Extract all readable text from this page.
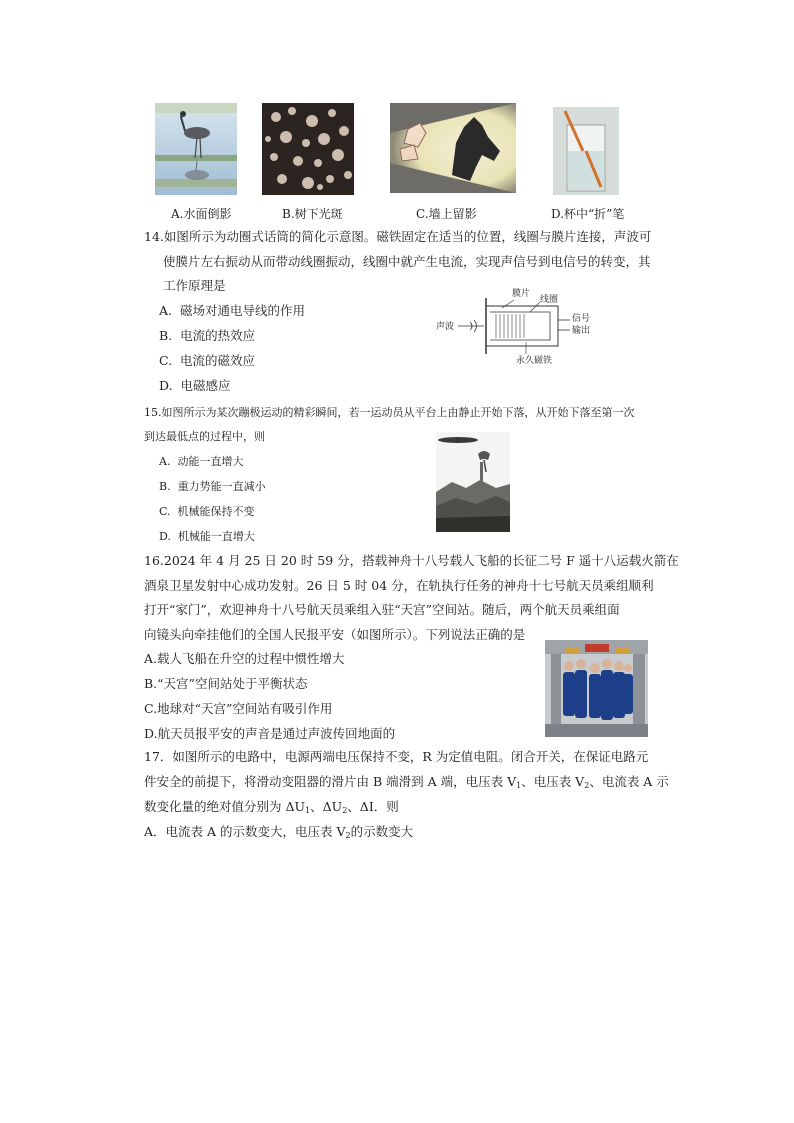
A.水面倒影	B.树下光斑	C.墙上留影	D.杯中“折”笔
14.如图所示为动圈式话筒的简化示意图。磁铁固定在适当的位置，线圈与膜片连接，声波可
使膜片左右振动从而带动线圈振动，线圈中就产生电流，实现声信号到电信号的转变，其
工作原理是
A. 磁场对通电导线的作用
B. 电流的热效应
C. 电流的磁效应
D. 电磁感应
膜片
线圈
声波
信号
输出
永久磁铁
15.如图所示为某次蹦极运动的精彩瞬间，若一运动员从平台上由静止开始下落，从开始下落至第一次
到达最低点的过程中，则
A. 动能一直增大
B. 重力势能一直减小
C. 机械能保持不变
D. 机械能一直增大
16.2024 年 4 月 25 日 20 时 59 分，搭载神舟十八号载人飞船的长征二号 F 遥十八运载火箭在
酒泉卫星发射中心成功发射。26 日 5 时 04 分，在轨执行任务的神舟十七号航天员乘组顺利
打开“家门”，欢迎神舟十八号航天员乘组入驻“天宫”空间站。随后，两个航天员乘组面
向镜头向牵挂他们的全国人民报平安（如图所示）。下列说法正确的是
A.载人飞船在升空的过程中惯性增大
B.“天宫”空间站处于平衡状态
C.地球对“天宫”空间站有吸引作用
D.航天员报平安的声音是通过声波传回地面的
17．如图所示的电路中，电源两端电压保持不变，R 为定值电阻。闭合开关，在保证电路元
件安全的前提下，将滑动变阻器的滑片由 B 端滑到 A 端，电压表 $V_1$、电压表 $V_2$、电流表 A 示
数变化量的绝对值分别为 $\Delta U_1$、$\Delta U_2$、ΔI．则
A．电流表 A 的示数变大，电压表 $V_2$的示数变大
